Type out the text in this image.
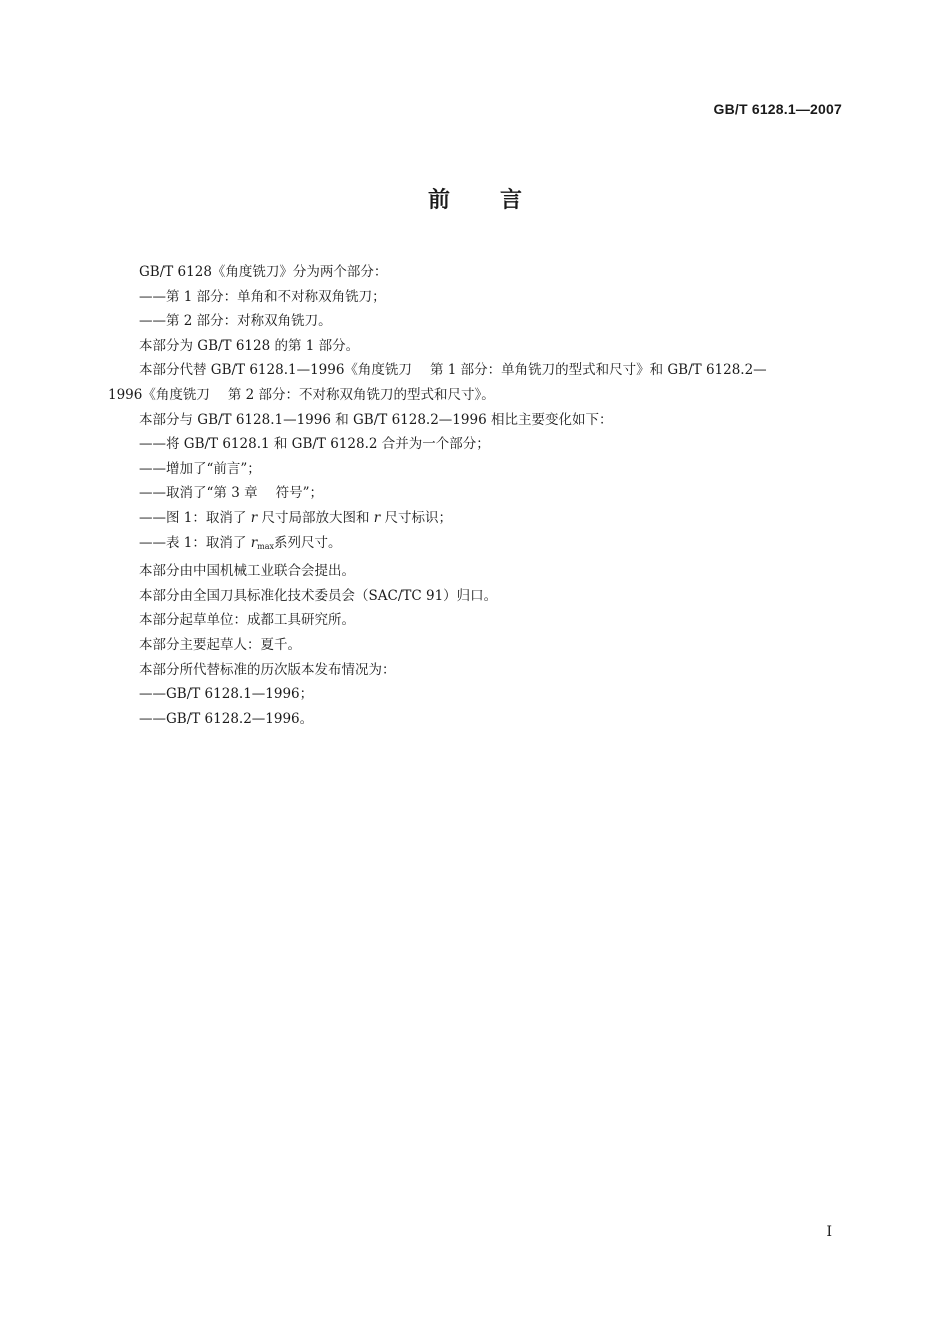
GB/T 6128.1—2007
前言
GB/T 6128《角度铣刀》分为两个部分：
——第 1 部分：单角和不对称双角铣刀；
——第 2 部分：对称双角铣刀。
本部分为 GB/T 6128 的第 1 部分。
本部分代替 GB/T 6128.1—1996《角度铣刀 第 1 部分：单角铣刀的型式和尺寸》和 GB/T 6128.2—
1996《角度铣刀 第 2 部分：不对称双角铣刀的型式和尺寸》。
本部分与 GB/T 6128.1—1996 和 GB/T 6128.2—1996 相比主要变化如下：
——将 GB/T 6128.1 和 GB/T 6128.2 合并为一个部分；
——增加了“前言”；
——取消了“第 3 章 符号”；
——图 1：取消了 r 尺寸局部放大图和 r 尺寸标识；
——表 1：取消了 $r_{max}$系列尺寸。
本部分由中国机械工业联合会提出。
本部分由全国刀具标准化技术委员会（SAC/TC 91）归口。
本部分起草单位：成都工具研究所。
本部分主要起草人：夏千。
本部分所代替标准的历次版本发布情况为：
——GB/T 6128.1—1996；
——GB/T 6128.2—1996。
I
